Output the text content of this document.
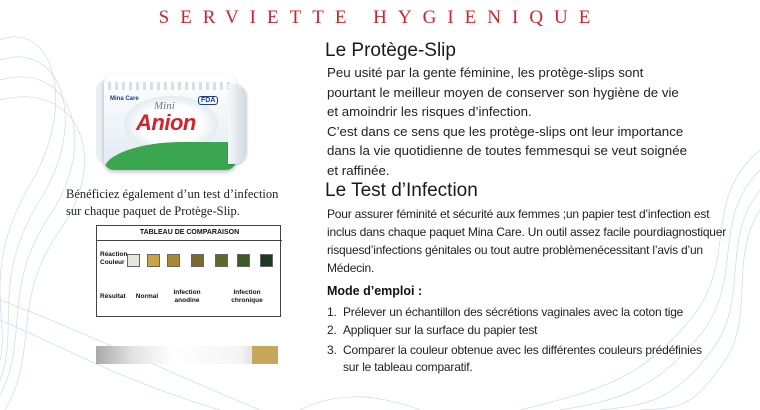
SERVIETTE HYGIENIQUE
Mina Care	FDA
Mini
Anion
Bénéficiez également d’un test d’infection
sur chaque paquet de Protège-Slip.
TABLEAU DE COMPARAISON
Réaction
Couleur
Résultat	Normal
Infection
anodine
Infection
chronique
Le Protège-Slip
Peu usité par la gente féminine, les protège-slips sont
pourtant le meilleur moyen de conserver son hygiène de vie
et amoindrir les risques d’infection.
C’est dans ce sens que les protège-slips ont leur importance
dans la vie quotidienne de toutes femmesqui se veut soignée
et raffinée.
Le Test d’Infection
Pour assurer féminité et sécurité aux femmes ;un papier test d’infection est
inclus dans chaque paquet Mina Care. Un outil assez facile pourdiagnostiquer
risquesd’infections génitales ou tout autre problèmenécessitant l’avis d’un
Médecin.
Mode d’emploi :
1. Prélever un échantillon des sécrétions vaginales avec la coton tige
2. Appliquer sur la surface du papier test
3. Comparer la couleur obtenue avec les différentes couleurs prédéfinies
sur le tableau comparatif.
